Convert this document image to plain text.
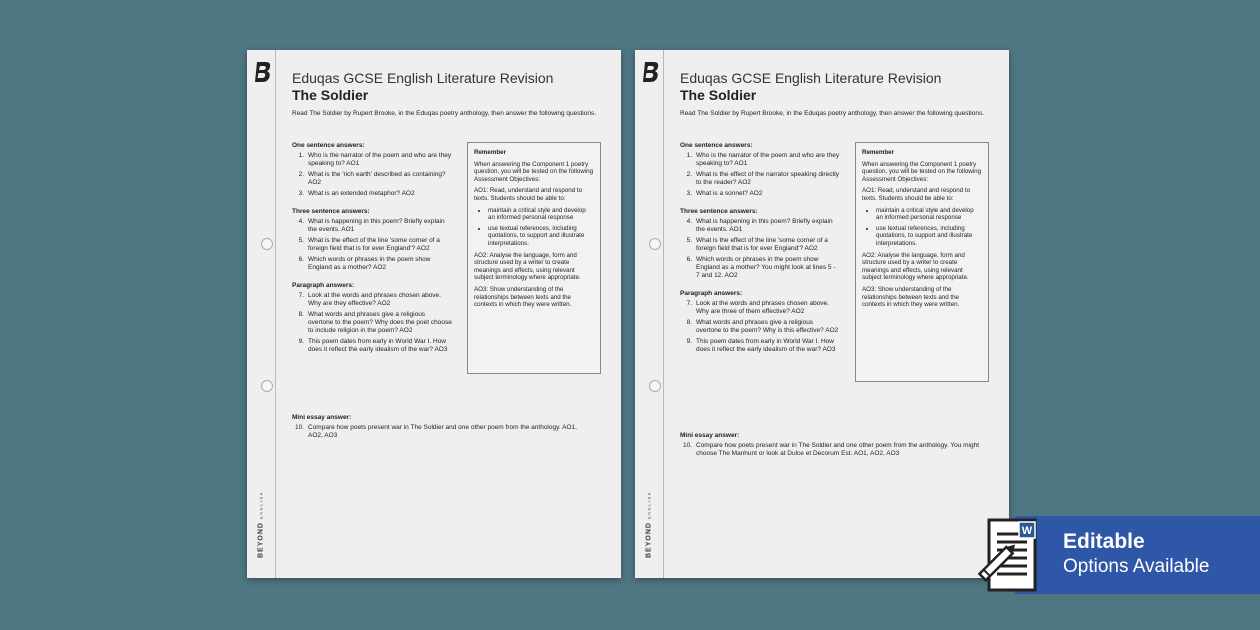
BEYONDENGLISH
Eduqas GCSE English Literature Revision
The Soldier
Read The Soldier by Rupert Brooke, in the Eduqas poetry anthology, then answer the following questions.
One sentence answers:
1. Who is the narrator of the poem and who are they speaking to? AO1
2. What is the 'rich earth' described as containing? AO2
3. What is an extended metaphor? AO2
Three sentence answers:
4. What is happening in this poem? Briefly explain the events. AO1
5. What is the effect of the line 'some corner of a foreign field that is for ever England'? AO2
6. Which words or phrases in the poem show England as a mother? AO2
Paragraph answers:
7. Look at the words and phrases chosen above. Why are they effective? AO2
8. What words and phrases give a religious overtone to the poem? Why does the poet choose to include religion in the poem? AO2
9. This poem dates from early in World War I. How does it reflect the early idealism of the war? AO3
Mini essay answer:
10. Compare how poets present war in The Soldier and one other poem from the anthology. AO1, AO2, AO3
Remember

When answering the Component 1 poetry question, you will be tested on the following Assessment Objectives:

AO1: Read, understand and respond to texts. Students should be able to:

• maintain a critical style and develop an informed personal response
• use textual references, including quotations, to support and illustrate interpretations.

AO2: Analyse the language, form and structure used by a writer to create meanings and effects, using relevant subject terminology where appropriate.

AO3: Show understanding of the relationships between texts and the contexts in which they were written.

BEYONDENGLISH
Eduqas GCSE English Literature Revision
The Soldier
Read The Soldier by Rupert Brooke, in the Eduqas poetry anthology, then answer the following questions.
One sentence answers:
1. Who is the narrator of the poem and who are they speaking to? AO1
2. What is the effect of the narrator speaking directly to the reader? AO2
3. What is a sonnet? AO2
Three sentence answers:
4. What is happening in this poem? Briefly explain the events. AO1
5. What is the effect of the line 'some corner of a foreign field that is for ever England'? AO2
6. Which words or phrases in the poem show England as a mother? You might look at lines 5 - 7 and 12. AO2
Paragraph answers:
7. Look at the words and phrases chosen above. Why are three of them effective? AO2
8. What words and phrases give a religious overtone to the poem? Why is this effective? AO2
9. This poem dates from early in World War I. How does it reflect the early idealism of the war? AO3
Mini essay answer:
10. Compare how poets present war in The Soldier and one other poem from the anthology. You might choose The Manhunt or look at Dulce et Decorum Est. AO1, AO2, AO3
Remember

When answering the Component 1 poetry question, you will be tested on the following Assessment Objectives:

AO1: Read, understand and respond to texts. Students should be able to:

• maintain a critical style and develop an informed personal response
• use textual references, including quotations, to support and illustrate interpretations.

AO2: Analyse the language, form and structure used by a writer to create meanings and effects, using relevant subject terminology where appropriate.

AO3: Show understanding of the relationships between texts and the contexts in which they were written.

Editable
Options Available
W
